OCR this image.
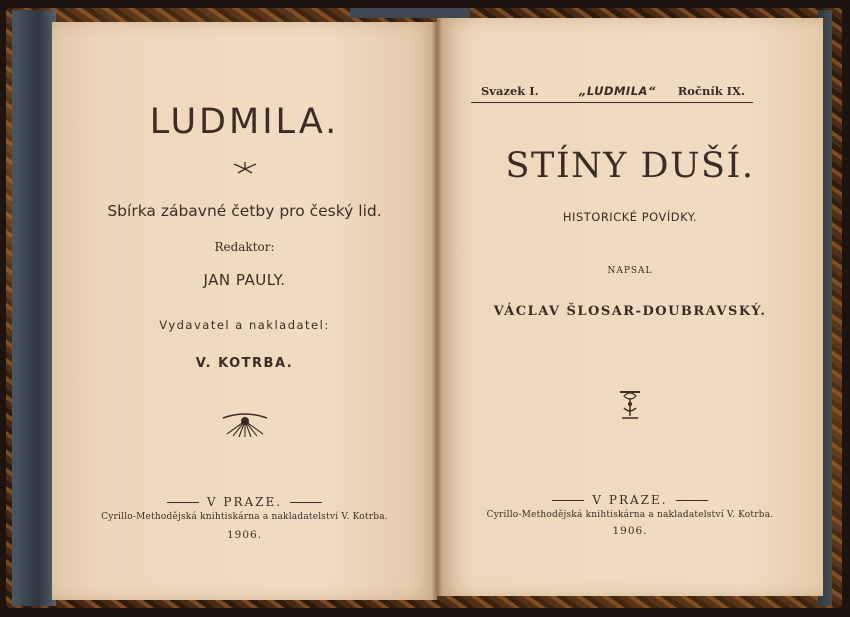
LUDMILA.
Sbírka zábavné četby pro český lid.
Redaktor:
JAN PAULY.
Vydavatel a nakladatel:
V. KOTRBA.
V PRAZE.
Cyrillo-Methodějská knihtiskárna a nakladatelství V. Kotrba.
1906.
Svazek I.	„LUDMILA“ Ročník IX.
STÍNY DUŠÍ.
HISTORICKÉ POVÍDKY.
NAPSAL
VÁCLAV ŠLOSAR-DOUBRAVSKÝ.
V PRAZE.
Cyrillo-Methodějská knihtiskárna a nakladatelství V. Kotrba.
1906.
